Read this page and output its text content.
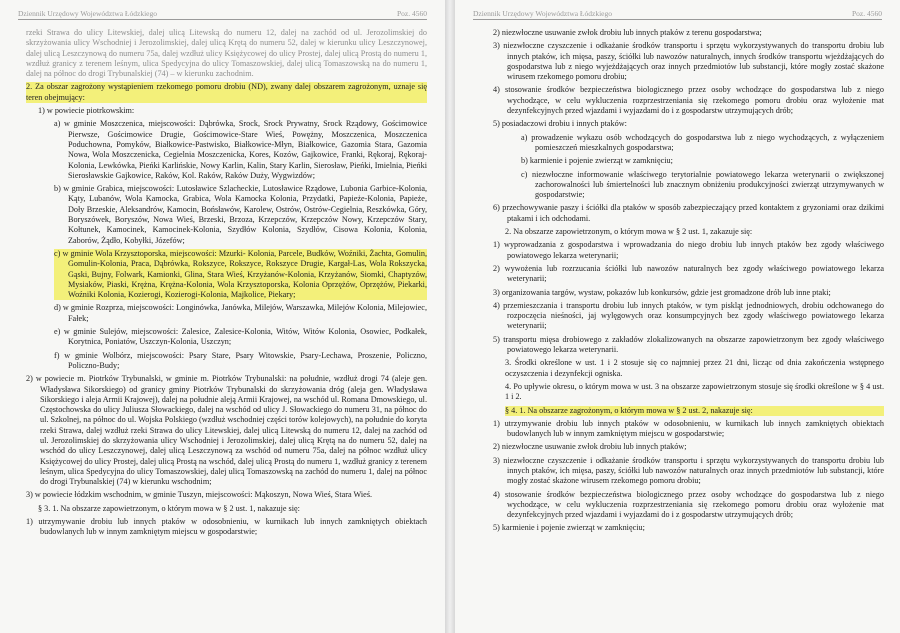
Dziennik Urzędowy Województwa Łódzkiego	Poz. 4560

rzeki Strawa do ulicy Litewskiej, dalej ulicą Litewską do numeru 12, dalej na zachód od ul. Jerozolimskiej do skrzyżowania ulicy Wschodniej i Jerozolimskiej, dalej ulicą Krętą do numeru 52, dalej w kierunku ulicy Leszczynowej, dalej ulicą Leszczynową do numeru 75a, dalej wzdłuż ulicy Księżycowej do ulicy Prostej, dalej ulicą Prostą do numeru 1, wzdłuż granicy z terenem leśnym, ulica Spedycyjna do ulicy Tomaszowskiej, dalej ulicą Tomaszowską na do numeru 1, dalej na północ do drogi Trybunalskiej (74) – w kierunku zachodnim.

2. Za obszar zagrożony wystąpieniem rzekomego pomoru drobiu (ND), zwany dalej obszarem zagrożonym, uznaje się teren obejmujący:

1) w powiecie piotrkowskim:

a) w gminie Moszczenica, miejscowości: Dąbrówka, Srock, Srock Prywatny, Srock Rządowy, Gościmowice Pierwsze, Gościmowice Drugie, Gościmowice-Stare Wieś, Powężny, Moszczenica, Moszczenica Poduchowna, Pomyków, Białkowice-Pastwisko, Białkowice-Młyn, Białkowice, Gazomia Stara, Gazomia Nowa, Wola Moszczenicka, Cegielnia Moszczenicka, Kores, Kozów, Gajkowice, Franki, Rękoraj, Rękoraj-Kolonia, Lewkówka, Pieńki Karlińskie, Nowy Karlin, Kalin, Stary Karlin, Sierosław, Pieńki, Imielnia, Pieńki Sierosławskie Gajkowice, Raków, Kol. Raków, Raków Duży, Wygwizdów;

b) w gminie Grabica, miejscowości: Lutosławice Szlacheckie, Lutosławice Rządowe, Lubonia Garbice-Kolonia, Kąty, Lubanów, Wola Kamocka, Grabica, Wola Kamocka Kolonia, Przydatki, Papieże-Kolonia, Papieże, Doły Brzeskie, Aleksandrów, Kamocin, Bońsławów, Karolew, Ostrów, Ostrów-Cegielnia, Reszkówka, Góry, Boryszówek, Boryszów, Nowa Wieś, Brzeski, Brzoza, Krzepczów, Krzepczów Nowy, Krzepczów Stary, Kołtunek, Kamocinek, Kamocinek-Kolonia, Szydłów Kolonia, Szydłów, Cisowa Kolonia, Kolonia, Zaborów, Żądło, Kobyłki, Józefów;

c) w gminie Wola Krzysztoporska, miejscowości: Mzurki- Kolonia, Parcele, Budków, Woźniki, Żachta, Gomulin, Gomulin-Kolonia, Praca, Dąbrówka, Rokszyce, Rokszyce, Rokszyce Drugie, Kargał-Las, Wola Rokszycka, Gąski, Bujny, Folwark, Kamionki, Glina, Stara Wieś, Krzyżanów-Kolonia, Krzyżanów, Siomki, Chaptyzów, Mysiaków, Piaski, Krężna, Krężna-Kolonia, Wola Krzysztoporska, Kolonia Oprzężów, Oprzężów, Piekarki, Woźniki Kolonia, Kozierogi, Kozierogi-Kolonia, Majkolice, Piekary;

d) w gminie Rozprza, miejscowości: Longinówka, Janówka, Milejów, Warszawka, Milejów Kolonia, Milejowiec, Fałek;

e) w gminie Sulejów, miejscowości: Zalesice, Zalesice-Kolonia, Witów, Witów Kolonia, Osowiec, Podkałek, Korytnica, Poniatów, Uszczyn-Kolonia, Uszczyn;

f) w gminie Wolbórz, miejscowości: Psary Stare, Psary Witowskie, Psary-Lechawa, Proszenie, Policzno, Policzno-Budy;

2) w powiecie m. Piotrków Trybunalski, w gminie m. Piotrków Trybunalski: na południe, wzdłuż drogi 74 (aleje gen. Władysława Sikorskiego) od granicy gminy Piotrków Trybunalski do skrzyżowania dróg (aleja gen. Władysława Sikorskiego i aleja Armii Krajowej), dalej na południe aleją Armii Krajowej, na wschód ul. Romana Dmowskiego, ul. Częstochowska do ulicy Juliusza Słowackiego, dalej na wschód od ulicy J. Słowackiego do numeru 31, na północ do ul. Szkolnej, na północ do ul. Wojska Polskiego (wzdłuż wschodniej części torów kolejowych), na południe do koryta rzeki Strawa, dalej wzdłuż rzeki Strawa do ulicy Litewskiej, dalej ulicą Litewską do numeru 12, dalej na zachód od ul. Jerozolimskiej do skrzyżowania ulicy Wschodniej i Jerozolimskiej, dalej ulicą Krętą na do numeru 52, dalej na wschód do ulicy Leszczynowej, dalej ulicą Leszczynową za wschód od numeru 75a, dalej na północ wzdłuż ulicy Księżycowej do ulicy Prostej, dalej ulicą Prostą na wschód, dalej ulicą Prostą do numeru 1, wzdłuż granicy z terenem leśnym, ulica Spedycyjna do ulicy Tomaszowskiej, dalej ulicą Tomaszowską na zachód do numeru 1, dalej na północ do drogi Trybunalskiej (74) w kierunku wschodnim;

3) w powiecie łódzkim wschodnim, w gminie Tuszyn, miejscowości: Mąkoszyn, Nowa Wieś, Stara Wieś.

§ 3. 1. Na obszarze zapowietrzonym, o którym mowa w § 2 ust. 1, nakazuje się:

1) utrzymywanie drobiu lub innych ptaków w odosobnieniu, w kurnikach lub innych zamkniętych obiektach budowlanych lub w innym zamkniętym miejscu w gospodarstwie;

Dziennik Urzędowy Województwa Łódzkiego	Poz. 4560

2) niezwłoczne usuwanie zwłok drobiu lub innych ptaków z terenu gospodarstwa;

3) niezwłoczne czyszczenie i odkażanie środków transportu i sprzętu wykorzystywanych do transportu drobiu lub innych ptaków, ich mięsa, paszy, ściółki lub nawozów naturalnych, innych środków transportu wjeżdżających do gospodarstwa lub z niego wyjeżdżających oraz innych przedmiotów lub substancji, które mogły zostać skażone wirusem rzekomego pomoru drobiu;

4) stosowanie środków bezpieczeństwa biologicznego przez osoby wchodzące do gospodarstwa lub z niego wychodzące, w celu wykluczenia rozprzestrzeniania się rzekomego pomoru drobiu oraz wyłożenie mat dezynfekcyjnych przed wjazdami i wyjazdami do i z gospodarstw utrzymujących drób;

5) posiadaczowi drobiu i innych ptaków:

a) prowadzenie wykazu osób wchodzących do gospodarstwa lub z niego wychodzących, z wyłączeniem pomieszczeń mieszkalnych gospodarstwa;

b) karmienie i pojenie zwierząt w zamknięciu;

c) niezwłoczne informowanie właściwego terytorialnie powiatowego lekarza weterynarii o zwiększonej zachorowalności lub śmiertelności lub znacznym obniżeniu produkcyjności zwierząt utrzymywanych w gospodarstwie;

6) przechowywanie paszy i ściółki dla ptaków w sposób zabezpieczający przed kontaktem z gryzoniami oraz dzikimi ptakami i ich odchodami.

2. Na obszarze zapowietrzonym, o którym mowa w § 2 ust. 1, zakazuje się:

1) wyprowadzania z gospodarstwa i wprowadzania do niego drobiu lub innych ptaków bez zgody właściwego powiatowego lekarza weterynarii;

2) wywożenia lub rozrzucania ściółki lub nawozów naturalnych bez zgody właściwego powiatowego lekarza weterynarii;

3) organizowania targów, wystaw, pokazów lub konkursów, gdzie jest gromadzone drób lub inne ptaki;

4) przemieszczania i transportu drobiu lub innych ptaków, w tym piskląt jednodniowych, drobiu odchowanego do rozpoczęcia nieśności, jaj wylęgowych oraz konsumpcyjnych bez zgody właściwego powiatowego lekarza weterynarii;

5) transportu mięsa drobiowego z zakładów zlokalizowanych na obszarze zapowietrzonym bez zgody właściwego powiatowego lekarza weterynarii.

3. Środki określone w ust. 1 i 2 stosuje się co najmniej przez 21 dni, licząc od dnia zakończenia wstępnego oczyszczenia i dezynfekcji ogniska.

4. Po upływie okresu, o którym mowa w ust. 3 na obszarze zapowietrzonym stosuje się środki określone w § 4 ust. 1 i 2.

§ 4. 1. Na obszarze zagrożonym, o którym mowa w § 2 ust. 2, nakazuje się:

1) utrzymywanie drobiu lub innych ptaków w odosobnieniu, w kurnikach lub innych zamkniętych obiektach budowlanych lub w innym zamkniętym miejscu w gospodarstwie;

2) niezwłoczne usuwanie zwłok drobiu lub innych ptaków;

3) niezwłoczne czyszczenie i odkażanie środków transportu i sprzętu wykorzystywanych do transportu drobiu lub innych ptaków, ich mięsa, paszy, ściółki lub nawozów naturalnych oraz innych przedmiotów lub substancji, które mogły zostać skażone wirusem rzekomego pomoru drobiu;

4) stosowanie środków bezpieczeństwa biologicznego przez osoby wchodzące do gospodarstwa lub z niego wychodzące, w celu wykluczenia rozprzestrzeniania się rzekomego pomoru drobiu oraz wyłożenie mat dezynfekcyjnych przed wjazdami i wyjazdami do i z gospodarstw utrzymujących drób;

5) karmienie i pojenie zwierząt w zamknięciu;
